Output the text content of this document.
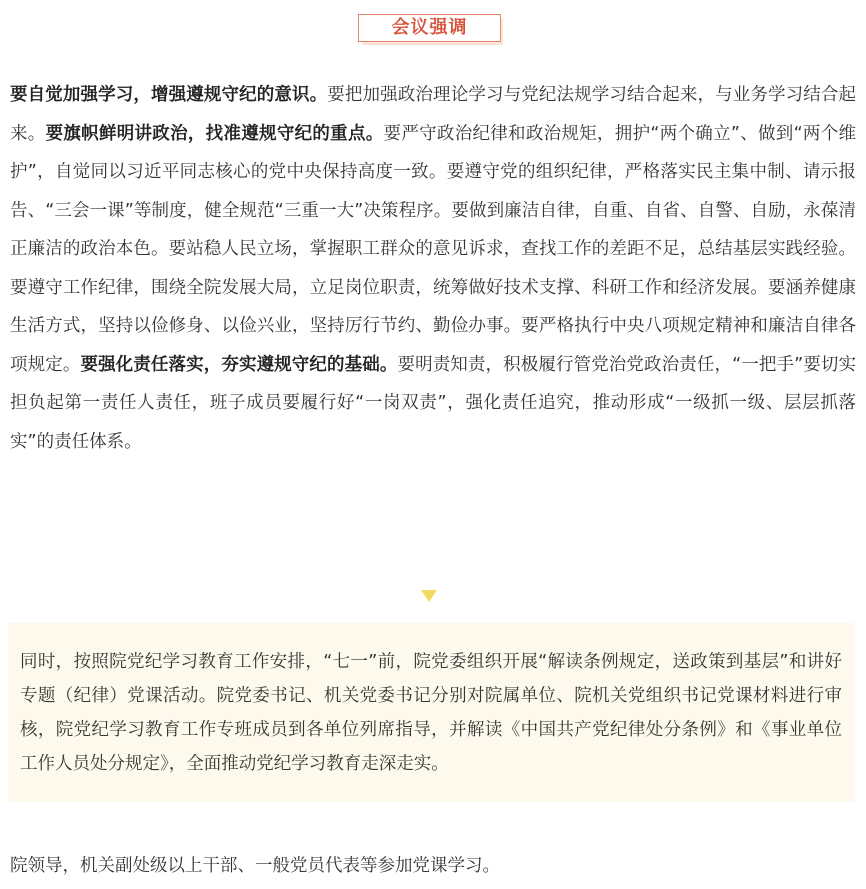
会议强调

要自觉加强学习，增强遵规守纪的意识。要把加强政治理论学习与党纪法规学习结合起来，与业务学习结合起来。要旗帜鲜明讲政治，找准遵规守纪的重点。要严守政治纪律和政治规矩，拥护“两个确立”、做到“两个维护”，自觉同以习近平同志核心的党中央保持高度一致。要遵守党的组织纪律，严格落实民主集中制、请示报告、“三会一课”等制度，健全规范“三重一大”决策程序。要做到廉洁自律，自重、自省、自警、自励，永葆清正廉洁的政治本色。要站稳人民立场，掌握职工群众的意见诉求，查找工作的差距不足，总结基层实践经验。要遵守工作纪律，围绕全院发展大局，立足岗位职责，统筹做好技术支撑、科研工作和经济发展。要涵养健康生活方式，坚持以俭修身、以俭兴业，坚持厉行节约、勤俭办事。要严格执行中央八项规定精神和廉洁自律各项规定。要强化责任落实，夯实遵规守纪的基础。要明责知责，积极履行管党治党政治责任，“一把手”要切实担负起第一责任人责任，班子成员要履行好“一岗双责”，强化责任追究，推动形成“一级抓一级、层层抓落实”的责任体系。

同时，按照院党纪学习教育工作安排，“七一”前，院党委组织开展“解读条例规定，送政策到基层”和讲好专题（纪律）党课活动。院党委书记、机关党委书记分别对院属单位、院机关党组织书记党课材料进行审核，院党纪学习教育工作专班成员到各单位列席指导，并解读《中国共产党纪律处分条例》和《事业单位工作人员处分规定》，全面推动党纪学习教育走深走实。

院领导，机关副处级以上干部、一般党员代表等参加党课学习。
